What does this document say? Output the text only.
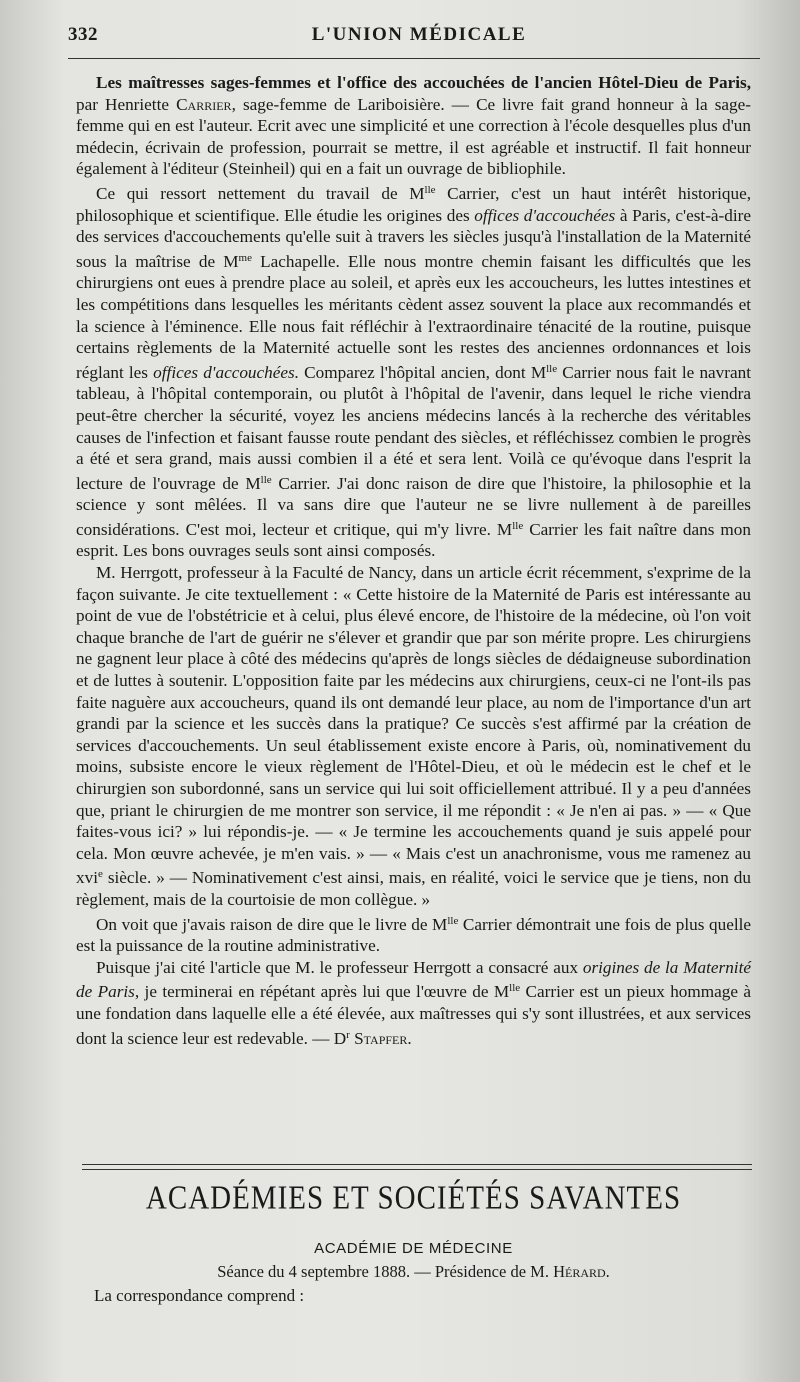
332	L'UNION MÉDICALE

Les maîtresses sages-femmes et l'office des accouchées de l'ancien Hôtel-Dieu de Paris, par Henriette Carrier, sage-femme de Lariboisière. — Ce livre fait grand honneur à la sage-femme qui en est l'auteur. Ecrit avec une simplicité et une correction à l'école desquelles plus d'un médecin, écrivain de profession, pourrait se mettre, il est agréable et instructif. Il fait honneur également à l'éditeur (Steinheil) qui en a fait un ouvrage de bibliophile.

Ce qui ressort nettement du travail de $M^{lle}$ Carrier, c'est un haut intérêt historique, philosophique et scientifique. Elle étudie les origines des offices d'accouchées à Paris, c'est-à-dire des services d'accouchements qu'elle suit à travers les siècles jusqu'à l'installation de la Maternité sous la maîtrise de $M^{me}$ Lachapelle. Elle nous montre chemin faisant les difficultés que les chirurgiens ont eues à prendre place au soleil, et après eux les accoucheurs, les luttes intestines et les compétitions dans lesquelles les méritants cèdent assez souvent la place aux recommandés et la science à l'éminence. Elle nous fait réfléchir à l'extraordinaire ténacité de la routine, puisque certains règlements de la Maternité actuelle sont les restes des anciennes ordonnances et lois réglant les offices d'accouchées. Comparez l'hôpital ancien, dont $M^{lle}$ Carrier nous fait le navrant tableau, à l'hôpital contemporain, ou plutôt à l'hôpital de l'avenir, dans lequel le riche viendra peut-être chercher la sécurité, voyez les anciens médecins lancés à la recherche des véritables causes de l'infection et faisant fausse route pendant des siècles, et réfléchissez combien le progrès a été et sera grand, mais aussi combien il a été et sera lent. Voilà ce qu'évoque dans l'esprit la lecture de l'ouvrage de $M^{lle}$ Carrier. J'ai donc raison de dire que l'histoire, la philosophie et la science y sont mêlées. Il va sans dire que l'auteur ne se livre nullement à de pareilles considérations. C'est moi, lecteur et critique, qui m'y livre. $M^{lle}$ Carrier les fait naître dans mon esprit. Les bons ouvrages seuls sont ainsi composés.

M. Herrgott, professeur à la Faculté de Nancy, dans un article écrit récemment, s'exprime de la façon suivante. Je cite textuellement : « Cette histoire de la Maternité de Paris est intéressante au point de vue de l'obstétricie et à celui, plus élevé encore, de l'histoire de la médecine, où l'on voit chaque branche de l'art de guérir ne s'élever et grandir que par son mérite propre. Les chirurgiens ne gagnent leur place à côté des médecins qu'après de longs siècles de dédaigneuse subordination et de luttes à soutenir. L'opposition faite par les médecins aux chirurgiens, ceux-ci ne l'ont-ils pas faite naguère aux accoucheurs, quand ils ont demandé leur place, au nom de l'importance d'un art grandi par la science et les succès dans la pratique? Ce succès s'est affirmé par la création de services d'accouchements. Un seul établissement existe encore à Paris, où, nominativement du moins, subsiste encore le vieux règlement de l'Hôtel-Dieu, et où le médecin est le chef et le chirurgien son subordonné, sans un service qui lui soit officiellement attribué. Il y a peu d'années que, priant le chirurgien de me montrer son service, il me répondit : « Je n'en ai pas. » — « Que faites-vous ici? » lui répondis-je. — « Je termine les accouchements quand je suis appelé pour cela. Mon œuvre achevée, je m'en vais. » — « Mais c'est un anachronisme, vous me ramenez au xvi$^e$ siècle. » — Nominativement c'est ainsi, mais, en réalité, voici le service que je tiens, non du règlement, mais de la courtoisie de mon collègue. »

On voit que j'avais raison de dire que le livre de $M^{lle}$ Carrier démontrait une fois de plus quelle est la puissance de la routine administrative.

Puisque j'ai cité l'article que M. le professeur Herrgott a consacré aux origines de la Maternité de Paris, je terminerai en répétant après lui que l'œuvre de $M^{lle}$ Carrier est un pieux hommage à une fondation dans laquelle elle a été élevée, aux maîtresses qui s'y sont illustrées, et aux services dont la science leur est redevable. — $D^r$ Stapfer.

ACADÉMIES ET SOCIÉTÉS SAVANTES
ACADÉMIE DE MÉDECINE
Séance du 4 septembre 1888. — Présidence de M. Hérard.
La correspondance comprend :
